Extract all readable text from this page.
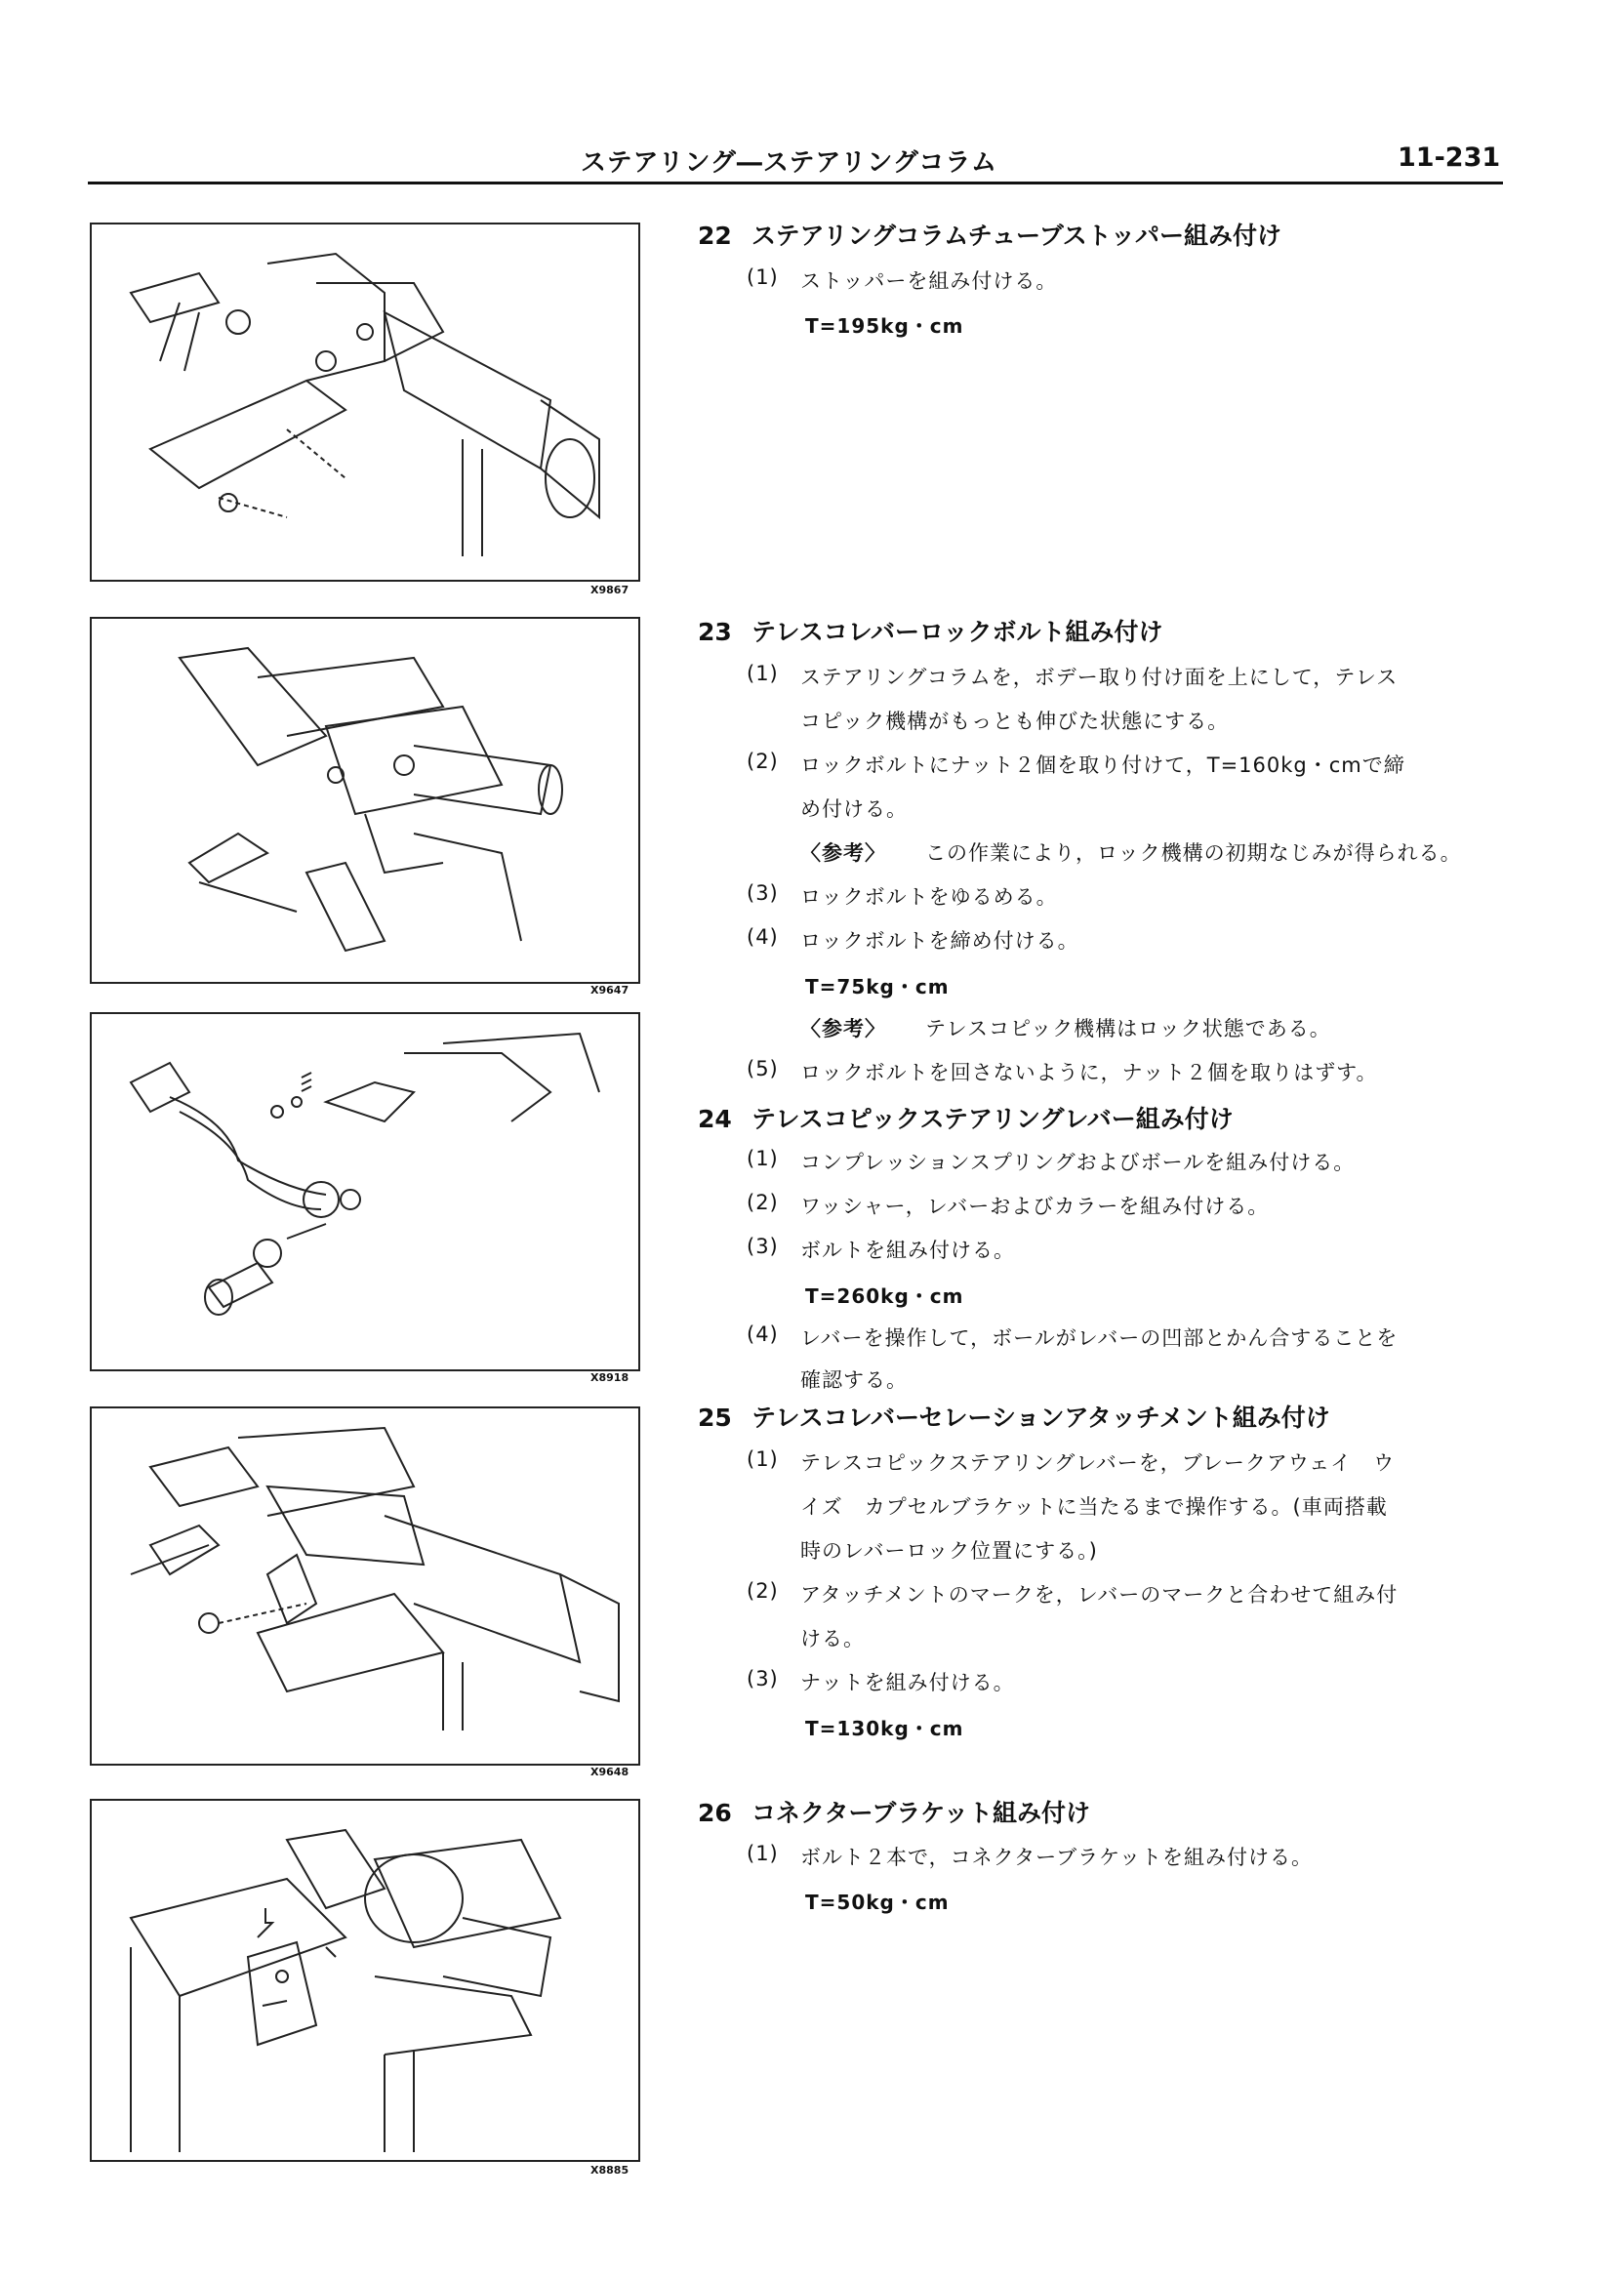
ステアリング―ステアリングコラム	11-231
X9867
X9647
X8918
X9648
X8885
22 ステアリングコラムチューブストッパー組み付け
(1) ストッパーを組み付ける。
T=195kg・cm
23 テレスコレバーロックボルト組み付け
(1) ステアリングコラムを，ボデー取り付け面を上にして，テレス
コピック機構がもっとも伸びた状態にする。
(2) ロックボルトにナット２個を取り付けて，T=160kg・cmで締
め付ける。
〈参考〉 この作業により，ロック機構の初期なじみが得られる。
(3) ロックボルトをゆるめる。
(4) ロックボルトを締め付ける。
T=75kg・cm
〈参考〉 テレスコピック機構はロック状態である。
(5) ロックボルトを回さないように，ナット２個を取りはずす。
24 テレスコピックステアリングレバー組み付け
(1) コンプレッションスプリングおよびボールを組み付ける。
(2) ワッシャー，レバーおよびカラーを組み付ける。
(3) ボルトを組み付ける。
T=260kg・cm
(4) レバーを操作して，ボールがレバーの凹部とかん合することを
確認する。
25 テレスコレバーセレーションアタッチメント組み付け
(1) テレスコピックステアリングレバーを，ブレークアウェイ　ウ
イズ　カプセルブラケットに当たるまで操作する。(車両搭載
時のレバーロック位置にする。)
(2) アタッチメントのマークを，レバーのマークと合わせて組み付
ける。
(3) ナットを組み付ける。
T=130kg・cm
26 コネクターブラケット組み付け
(1) ボルト２本で，コネクターブラケットを組み付ける。
T=50kg・cm
